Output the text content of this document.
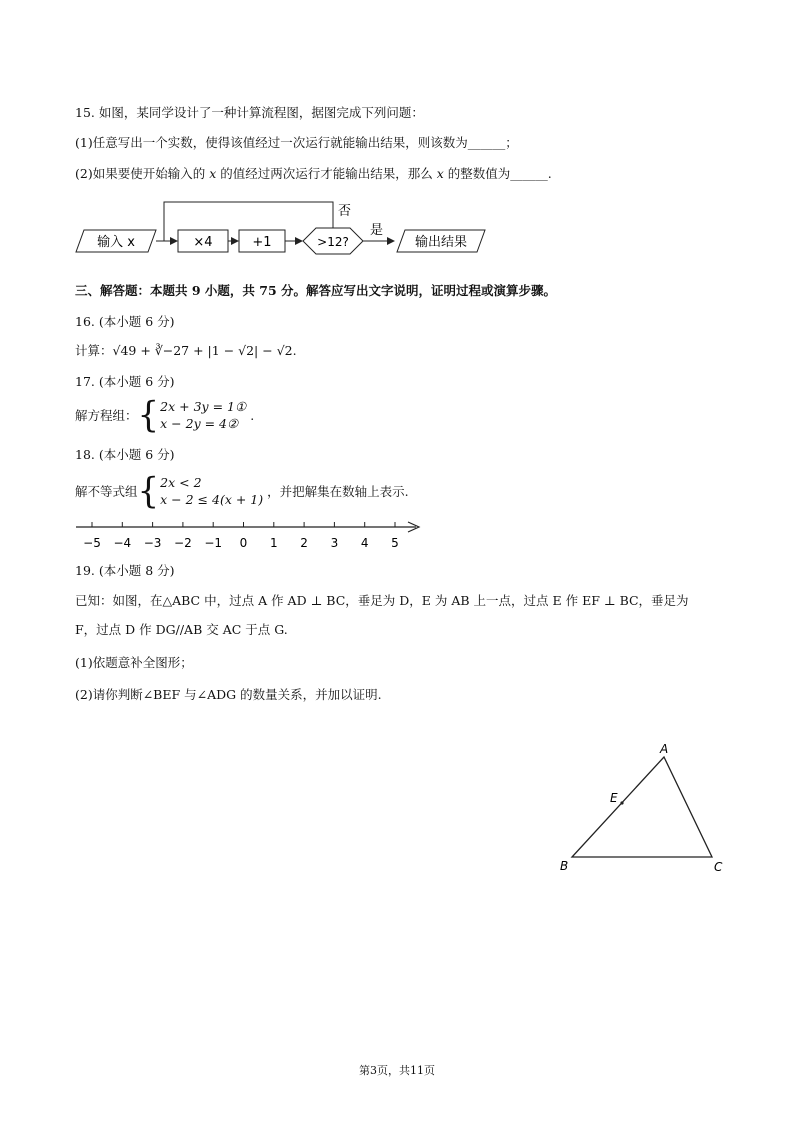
15. 如图，某同学设计了一种计算流程图，据图完成下列问题：
(1)任意写出一个实数，使得该值经过一次运行就能输出结果，则该数为______；
(2)如果要使开始输入的 x 的值经过两次运行才能输出结果，那么 x 的整数值为______.
输入 x	×4	+1	>12?
否
是
输出结果
三、解答题：本题共 9 小题，共 75 分。解答应写出文字说明，证明过程或演算步骤。
16. (本小题 6 分)
计算：√49 + ∛−27 + |1 − √2| − √2.
17. (本小题 6 分)
解方程组： { 2x + 3y = 1①
x − 2y = 4②
.
18. (本小题 6 分)
解不等式组 { 2x < 2
x − 2 ≤ 4(x + 1)
，并把解集在数轴上表示.
−5 −4 −3 −2 −1 0 1 2 3 4 5
19. (本小题 8 分)
已知：如图，在△ABC 中，过点 A 作 AD ⊥ BC，垂足为 D，E 为 AB 上一点，过点 E 作 EF ⊥ BC，垂足为
F，过点 D 作 DG//AB 交 AC 于点 G.
(1)依题意补全图形；
(2)请你判断∠BEF 与∠ADG 的数量关系，并加以证明.
A
B	C
E
第3页，共11页
